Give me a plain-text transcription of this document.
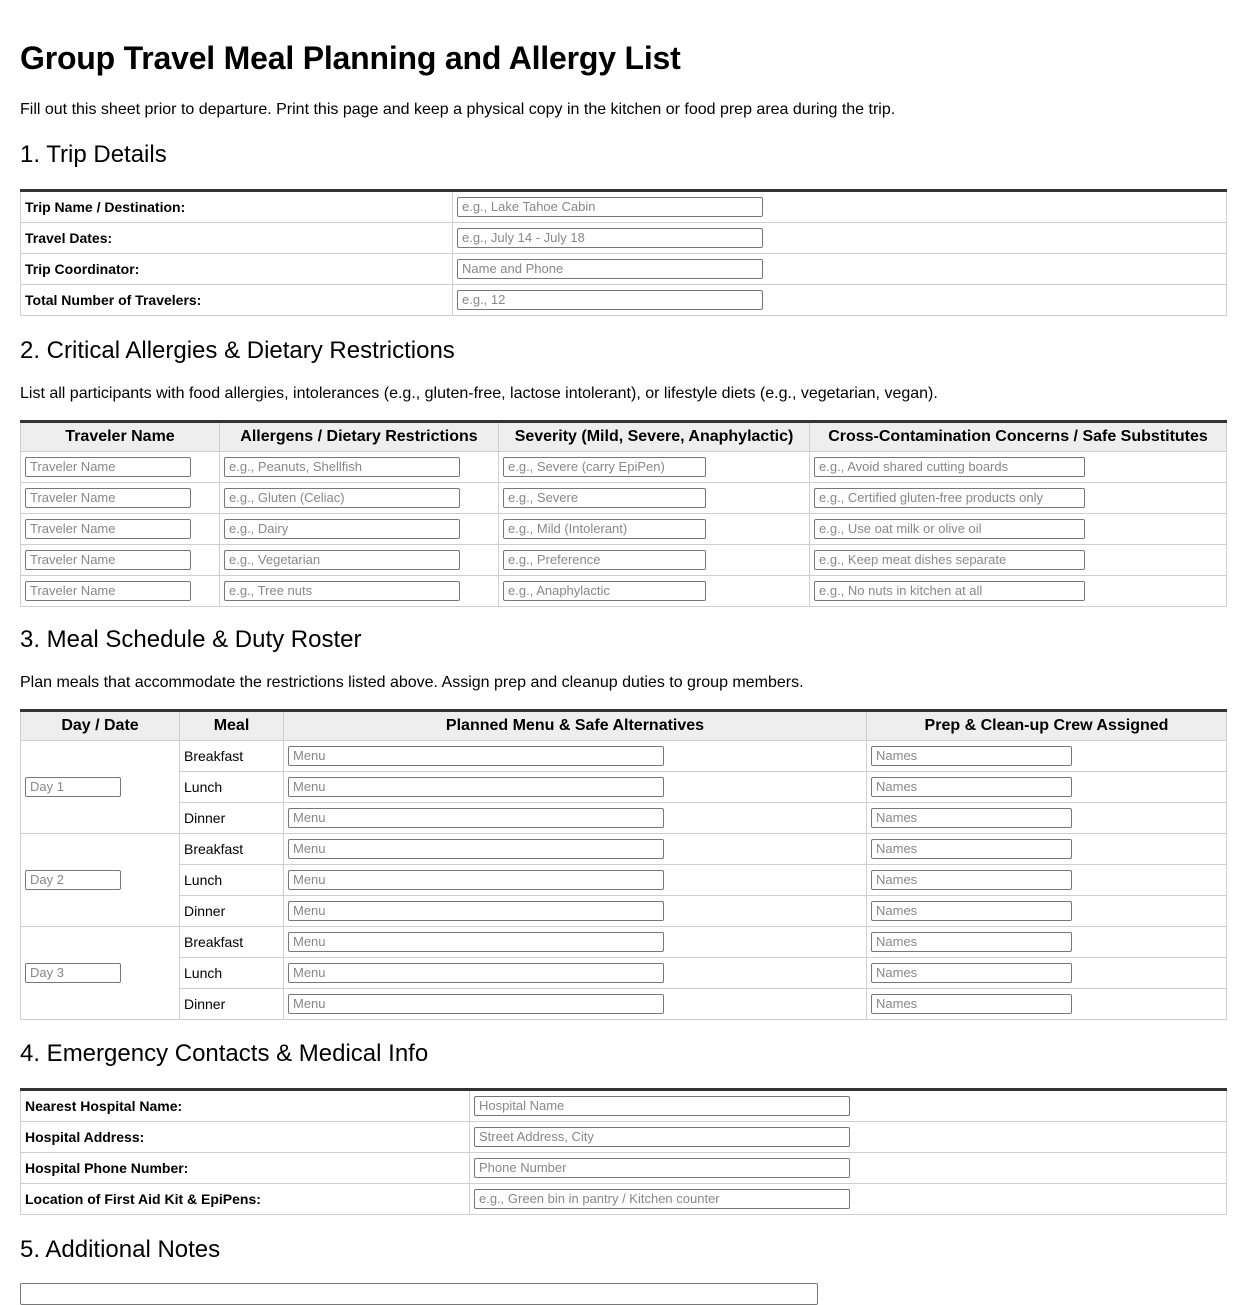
Group Travel Meal Planning and Allergy List

Fill out this sheet prior to departure. Print this page and keep a physical copy in the kitchen or food prep area during the trip.

1. Trip Details
Trip Name / Destination:	e.g., Lake Tahoe Cabin

Travel Dates:	e.g., July 14 - July 18

Trip Coordinator:	Name and Phone

Total Number of Travelers:	e.g., 12
2. Critical Allergies & Dietary Restrictions

List all participants with food allergies, intolerances (e.g., gluten-free, lactose intolerant), or lifestyle diets (e.g., vegetarian, vegan).

Traveler Name	Allergens / Dietary Restrictions	Severity (Mild, Severe, Anaphylactic)	Cross-Contamination Concerns / Safe Substitutes

Traveler Name	e.g., Peanuts, Shellfish	e.g., Severe (carry EpiPen)	e.g., Avoid shared cutting boards

Traveler Name	e.g., Gluten (Celiac)	e.g., Severe	e.g., Certified gluten-free products only

Traveler Name	e.g., Dairy	e.g., Mild (Intolerant)	e.g., Use oat milk or olive oil

Traveler Name	e.g., Vegetarian	e.g., Preference	e.g., Keep meat dishes separate

Traveler Name	e.g., Tree nuts	e.g., Anaphylactic	e.g., No nuts in kitchen at all
3. Meal Schedule & Duty Roster

Plan meals that accommodate the restrictions listed above. Assign prep and cleanup duties to group members.

Day / Date	Meal	Planned Menu & Safe Alternatives	Prep & Clean-up Crew Assigned

Day 1	Breakfast	Menu	Names

	Lunch	Menu	Names

	Dinner	Menu	Names

Day 2	Breakfast	Menu	Names

	Lunch	Menu	Names

	Dinner	Menu	Names

Day 3	Breakfast	Menu	Names

	Lunch	Menu	Names

	Dinner	Menu	Names
4. Emergency Contacts & Medical Info
Nearest Hospital Name:	Hospital Name

Hospital Address:	Street Address, City

Hospital Phone Number:	Phone Number

Location of First Aid Kit & EpiPens:	e.g., Green bin in pantry / Kitchen counter
5. Additional Notes
